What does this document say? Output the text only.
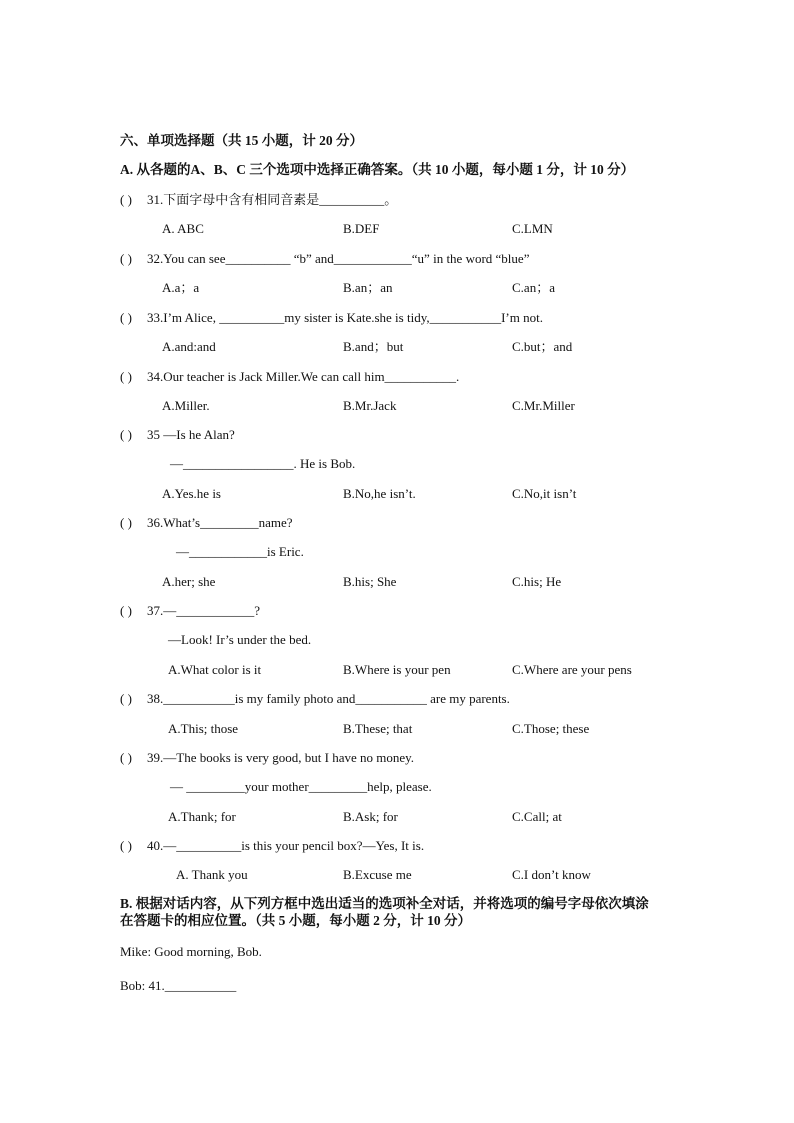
六、单项选择题（共 15 小题，计 20 分）
A. 从各题的A、B、C 三个选项中选择正确答案。（共 10 小题，每小题 1 分，计 10 分）
( ) 31.下面字母中含有相同音素是__________。
A. ABC	B.DEF	C.LMN
( ) 32.You can see__________ “b” and____________“u” in the word “blue”
A.a；a	B.an；an	C.an；a
( ) 33.I’m Alice, __________my sister is Kate.she is tidy,___________I’m not.
A.and:and	B.and；but	C.but；and
( ) 34.Our teacher is Jack Miller.We can call him___________.
A.Miller.	B.Mr.Jack	C.Mr.Miller
( ) 35 —Is he Alan?
—_________________. He is Bob.
A.Yes.he is	B.No,he isn’t.	C.No,it isn’t
( ) 36.What’s_________name?
—____________is Eric.
A.her; she	B.his; She	C.his; He
( ) 37.—____________?
—Look! Ir’s under the bed.
A.What color is it	B.Where is your pen	C.Where are your pens
( ) 38.___________is my family photo and___________ are my parents.
A.This; those	B.These; that	C.Those; these
( ) 39.—The books is very good, but I have no money.
— _________your mother_________help, please.
A.Thank; for	B.Ask; for	C.Call; at
( ) 40.—__________is this your pencil box?—Yes, It is.
A. Thank you	B.Excuse me	C.I don’t know
B. 根据对话内容，从下列方框中选出适当的选项补全对话，并将选项的编号字母依次填涂
在答题卡的相应位置。（共 5 小题，每小题 2 分，计 10 分）
Mike: Good morning, Bob.
Bob: 41.___________
